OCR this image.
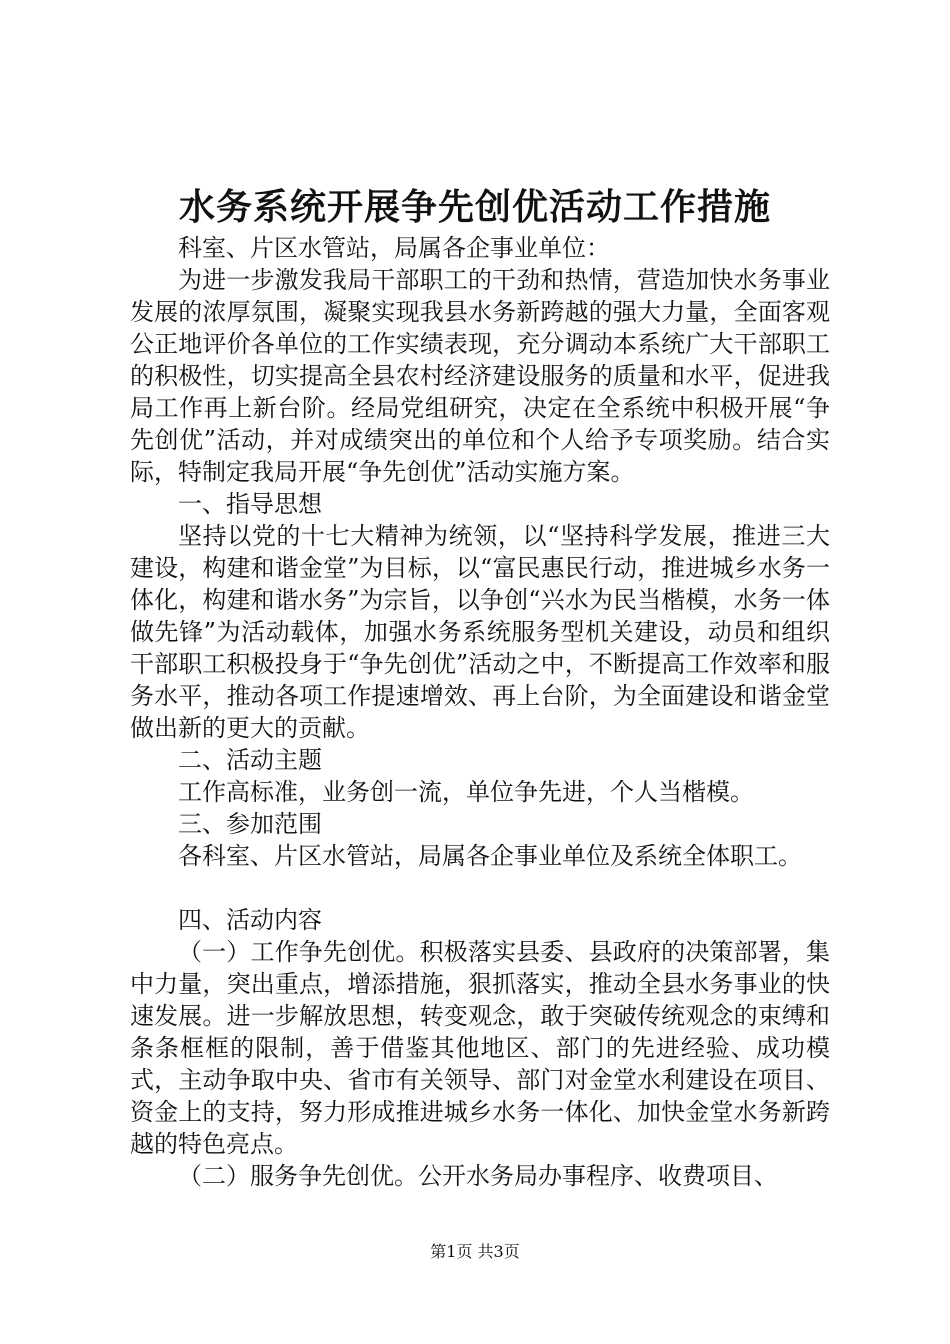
水务系统开展争先创优活动工作措施

科室、片区水管站，局属各企事业单位：

为进一步激发我局干部职工的干劲和热情，营造加快水务事业发展的浓厚氛围，凝聚实现我县水务新跨越的强大力量，全面客观公正地评价各单位的工作实绩表现，充分调动本系统广大干部职工的积极性，切实提高全县农村经济建设服务的质量和水平，促进我局工作再上新台阶。经局党组研究，决定在全系统中积极开展“争先创优”活动，并对成绩突出的单位和个人给予专项奖励。结合实际，特制定我局开展“争先创优”活动实施方案。

一、指导思想

坚持以党的十七大精神为统领，以“坚持科学发展，推进三大建设，构建和谐金堂”为目标，以“富民惠民行动，推进城乡水务一体化，构建和谐水务”为宗旨，以争创“兴水为民当楷模，水务一体做先锋”为活动载体，加强水务系统服务型机关建设，动员和组织干部职工积极投身于“争先创优”活动之中，不断提高工作效率和服务水平，推动各项工作提速增效、再上台阶，为全面建设和谐金堂做出新的更大的贡献。

二、活动主题

工作高标准，业务创一流，单位争先进，个人当楷模。

三、参加范围

各科室、片区水管站，局属各企事业单位及系统全体职工。

四、活动内容

（一）工作争先创优。积极落实县委、县政府的决策部署，集中力量，突出重点，增添措施，狠抓落实，推动全县水务事业的快速发展。进一步解放思想，转变观念，敢于突破传统观念的束缚和条条框框的限制，善于借鉴其他地区、部门的先进经验、成功模式，主动争取中央、省市有关领导、部门对金堂水利建设在项目、资金上的支持，努力形成推进城乡水务一体化、加快金堂水务新跨越的特色亮点。

（二）服务争先创优。公开水务局办事程序、收费项目、

第1页 共3页
